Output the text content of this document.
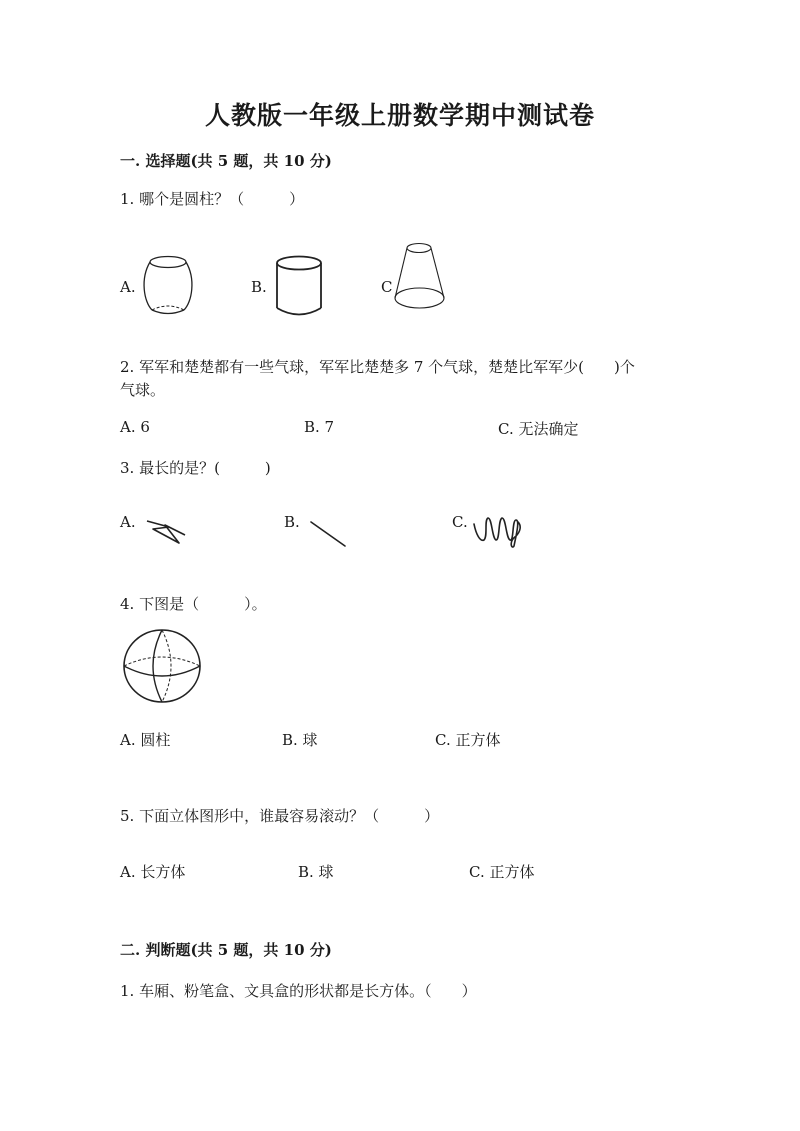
人教版一年级上册数学期中测试卷
一. 选择题(共 5 题，共 10 分)
1. 哪个是圆柱？（　　　）
A.	B.	C
2. 军军和楚楚都有一些气球，军军比楚楚多 7 个气球，楚楚比军军少(　　)个
气球。
A. 6	B. 7	C. 无法确定
3. 最长的是？(　　　)
A.	B.	C.
4. 下图是（　　　）。
A. 圆柱	B. 球	C. 正方体
5. 下面立体图形中，谁最容易滚动？（　　　）
A. 长方体	B. 球	C. 正方体
二. 判断题(共 5 题，共 10 分)
1. 车厢、粉笔盒、文具盒的形状都是长方体。（　　）
